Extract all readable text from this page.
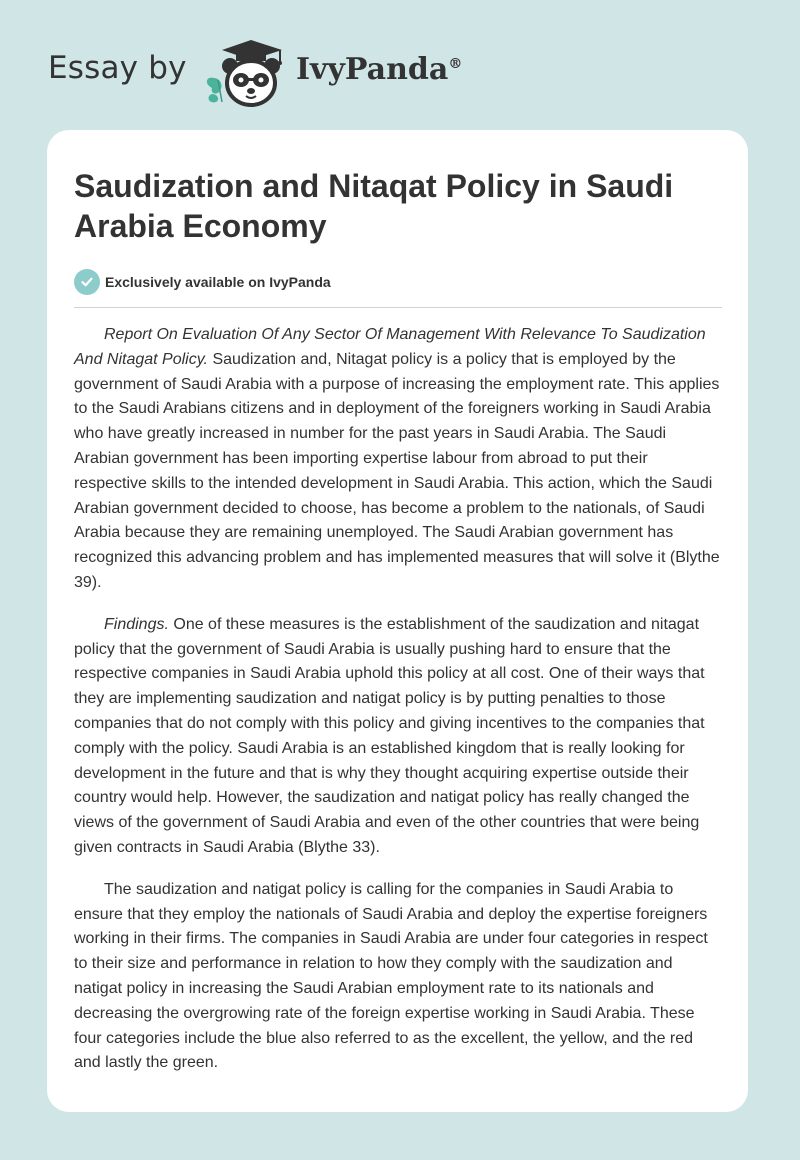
Essay by	IvyPanda®
Saudization and Nitaqat Policy in Saudi Arabia Economy
Exclusively available on IvyPanda

Report On Evaluation Of Any Sector Of Management With Relevance To Saudization And Nitagat Policy. Saudization and, Nitagat policy is a policy that is employed by the government of Saudi Arabia with a purpose of increasing the employment rate. This applies to the Saudi Arabians citizens and in deployment of the foreigners working in Saudi Arabia who have greatly increased in number for the past years in Saudi Arabia. The Saudi Arabian government has been importing expertise labour from abroad to put their respective skills to the intended development in Saudi Arabia. This action, which the Saudi Arabian government decided to choose, has become a problem to the nationals, of Saudi Arabia because they are remaining unemployed. The Saudi Arabian government has recognized this advancing problem and has implemented measures that will solve it (Blythe 39).

Findings. One of these measures is the establishment of the saudization and nitagat policy that the government of Saudi Arabia is usually pushing hard to ensure that the respective companies in Saudi Arabia uphold this policy at all cost. One of their ways that they are implementing saudization and natigat policy is by putting penalties to those companies that do not comply with this policy and giving incentives to the companies that comply with the policy. Saudi Arabia is an established kingdom that is really looking for development in the future and that is why they thought acquiring expertise outside their country would help. However, the saudization and natigat policy has really changed the views of the government of Saudi Arabia and even of the other countries that were being given contracts in Saudi Arabia (Blythe 33).

The saudization and natigat policy is calling for the companies in Saudi Arabia to ensure that they employ the nationals of Saudi Arabia and deploy the expertise foreigners working in their firms. The companies in Saudi Arabia are under four categories in respect to their size and performance in relation to how they comply with the saudization and natigat policy in increasing the Saudi Arabian employment rate to its nationals and decreasing the overgrowing rate of the foreign expertise working in Saudi Arabia. These four categories include the blue also referred to as the excellent, the yellow, and the red and lastly the green.
